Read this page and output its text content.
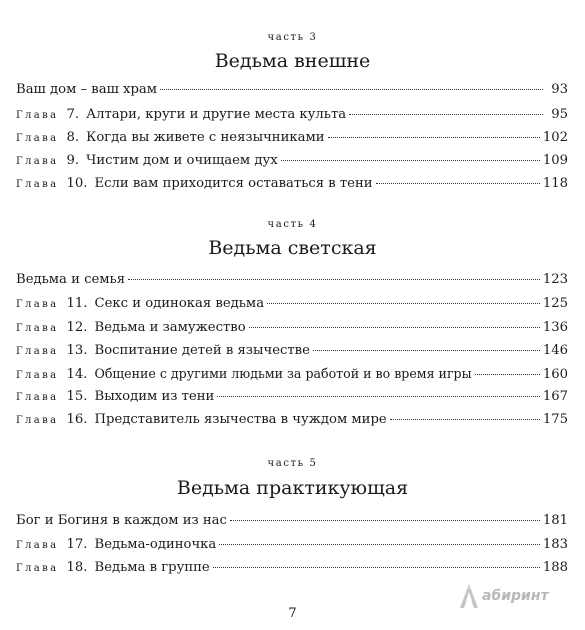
часть 3
Ведьма внешне
Ваш дом – ваш храм	93
Глава 7. Алтари, круги и другие места культа	95
Глава 8. Когда вы живете с неязычниками	102
Глава 9. Чистим дом и очищаем дух	109
Глава 10. Если вам приходится оставаться в тени	118
часть 4
Ведьма светская
Ведьма и семья	123
Глава 11. Секс и одинокая ведьма	125
Глава 12. Ведьма и замужество	136
Глава 13. Воспитание детей в язычестве	146
Глава 14. Общение с другими людьми за работой и во время игры	160
Глава 15. Выходим из тени	167
Глава 16. Представитель язычества в чуждом мире	175
часть 5
Ведьма практикующая
Бог и Богиня в каждом из нас	181
Глава 17. Ведьма-одиночка	183
Глава 18. Ведьма в группе	188
7
абиринт
